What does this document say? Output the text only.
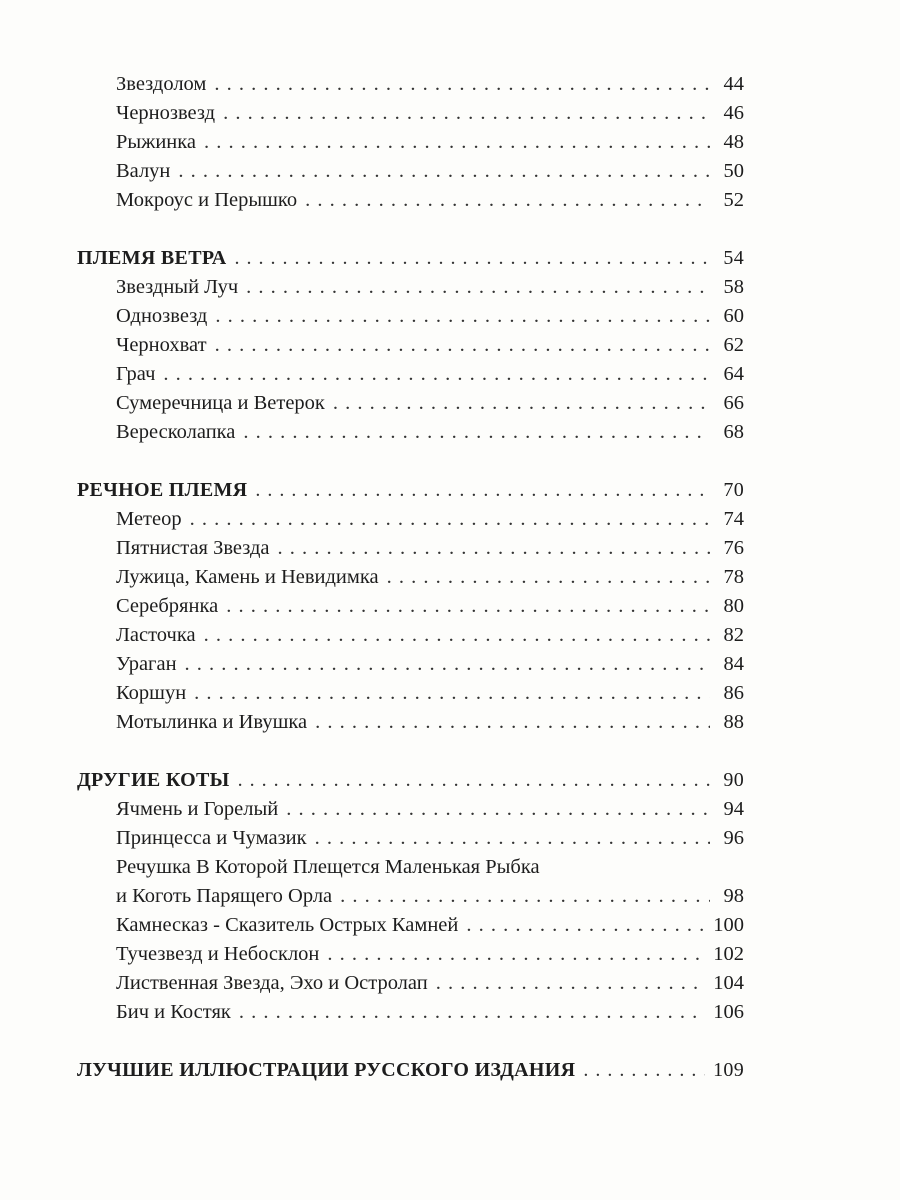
Звездолом . . .	44
Чернозвезд . . .	46
Рыжинка . . .	48
Валун . . .	50
Мокроус и Перышко . . .	52
ПЛЕМЯ ВЕТРА . . .	54
Звездный Луч . . .	58
Однозвезд . . .	60
Чернохват . . .	62
Грач . . .	64
Сумеречница и Ветерок . . .	66
Вересколапка . . .	68
РЕЧНОЕ ПЛЕМЯ . . .	70
Метеор . . .	74
Пятнистая Звезда . . .	76
Лужица, Камень и Невидимка . . .	78
Серебрянка . . .	80
Ласточка . . .	82
Ураган . . .	84
Коршун . . .	86
Мотылинка и Ивушка . . .	88
ДРУГИЕ КОТЫ . . .	90
Ячмень и Горелый . . .	94
Принцесса и Чумазик . . .	96
Речушка В Которой Плещется Маленькая Рыбка
и Коготь Парящего Орла . . .	98
Камнесказ - Сказитель Острых Камней . . .	100
Тучезвезд и Небосклон . . .	102
Лиственная Звезда, Эхо и Остролап . . .	104
Бич и Костяк . . .	106
ЛУЧШИЕ ИЛЛЮСТРАЦИИ РУССКОГО ИЗДАНИЯ . . .	109
